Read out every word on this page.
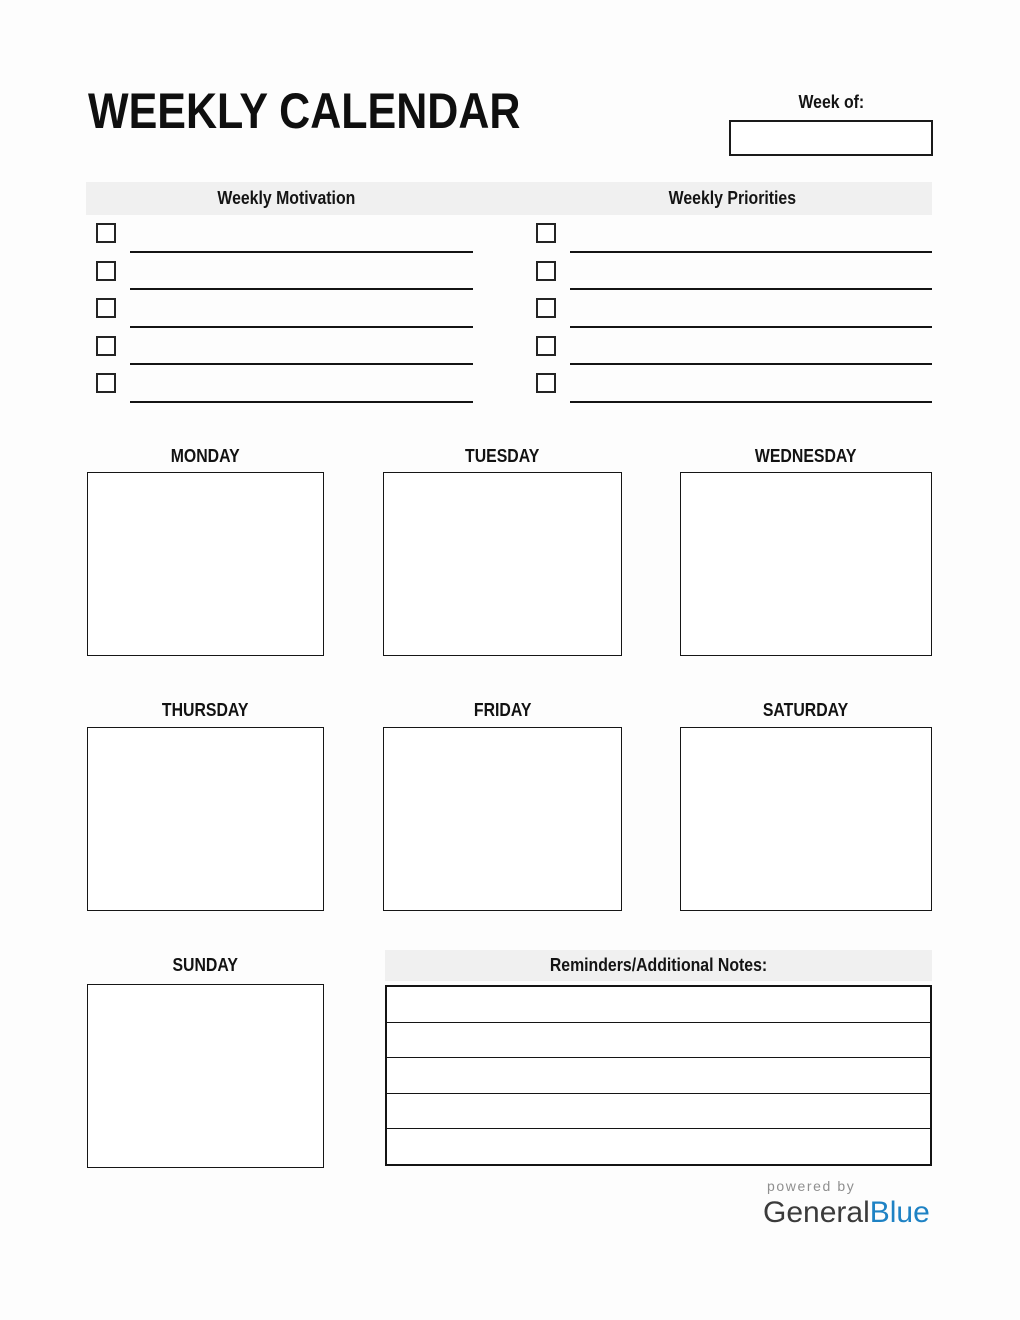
WEEKLY CALENDAR	Week of:
Weekly Motivation	Weekly Priorities
MONDAY	TUESDAY	WEDNESDAY
THURSDAY	FRIDAY	SATURDAY
SUNDAY	Reminders/Additional Notes:
powered by
GeneralBlue
